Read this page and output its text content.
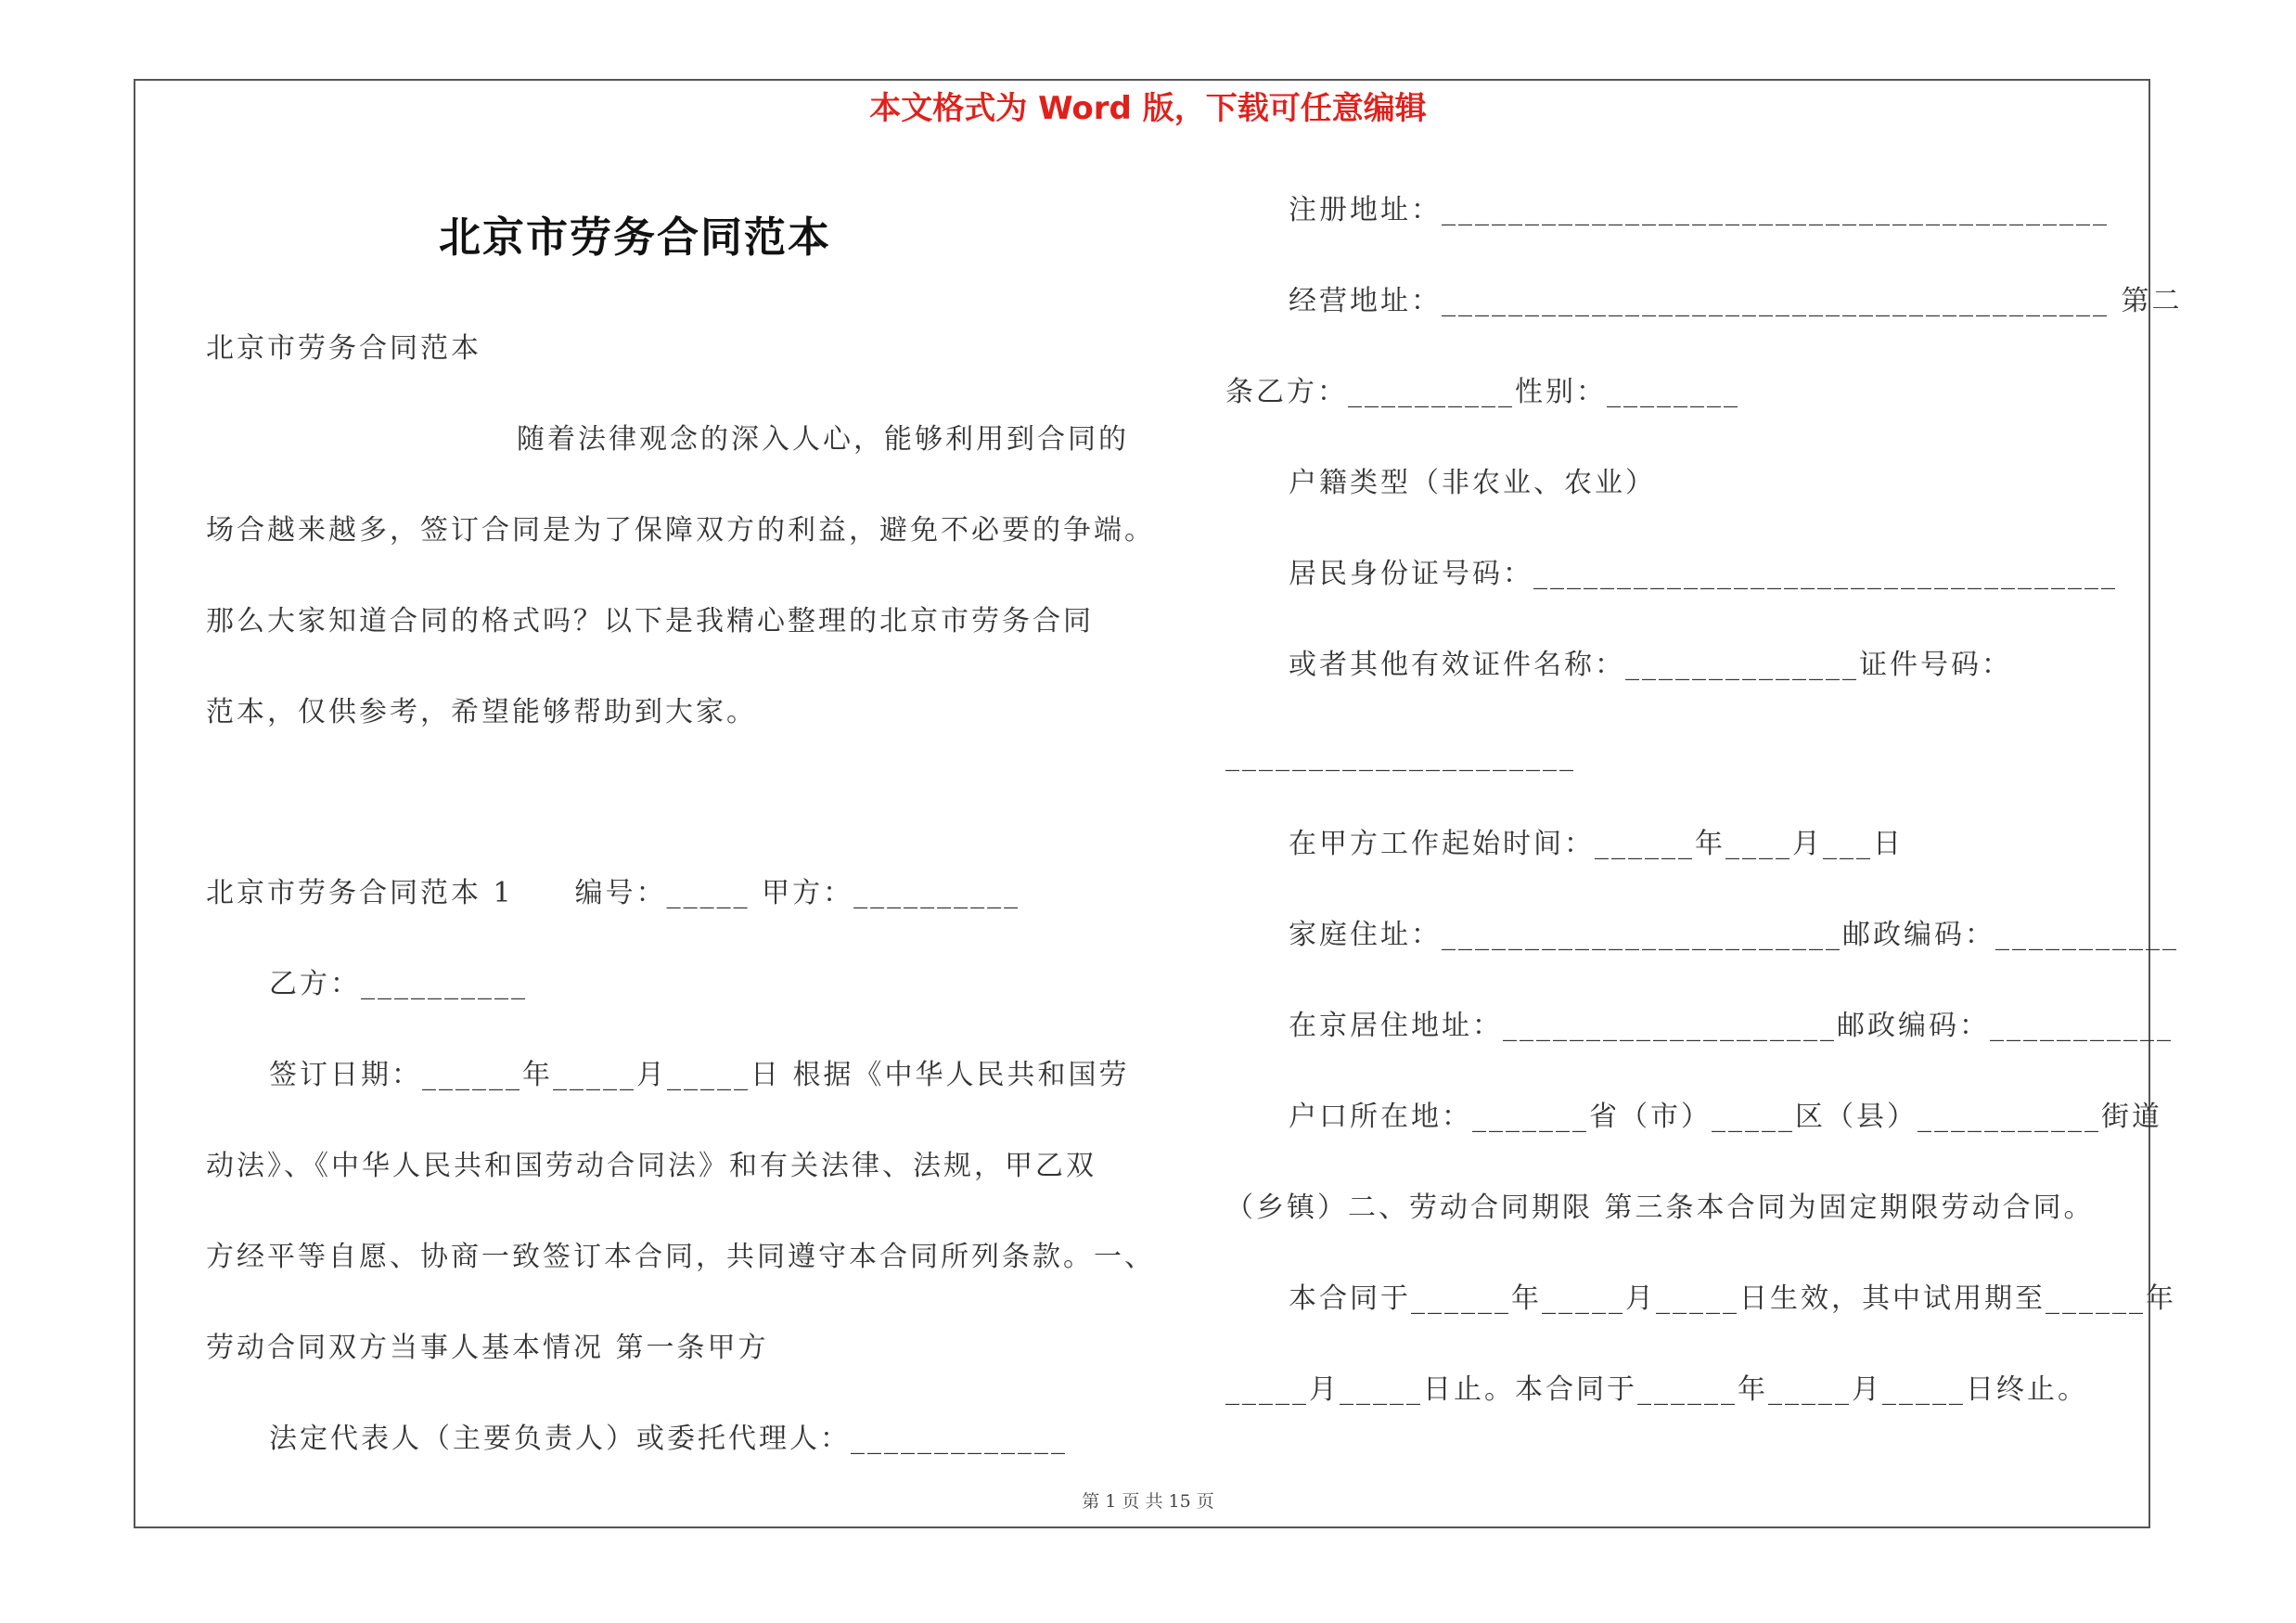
本文格式为 Word 版，下载可任意编辑
北京市劳务合同范本
北京市劳务合同范本
随着法律观念的深入人心，能够利用到合同的
场合越来越多，签订合同是为了保障双方的利益，避免不必要的争端。
那么大家知道合同的格式吗？以下是我精心整理的北京市劳务合同
范本，仅供参考，希望能够帮助到大家。
北京市劳务合同范本 1　　编号：_____ 甲方：__________
乙方：__________
签订日期：______年_____月_____日 根据《中华人民共和国劳
动法》、《中华人民共和国劳动合同法》和有关法律、法规，甲乙双
方经平等自愿、协商一致签订本合同，共同遵守本合同所列条款。一、
劳动合同双方当事人基本情况 第一条甲方
法定代表人（主要负责人）或委托代理人：_____________
注册地址：________________________________________
经营地址：________________________________________ 第二
条乙方：__________性别：________
户籍类型（非农业、农业）
居民身份证号码：___________________________________
或者其他有效证件名称：______________证件号码：
_____________________
在甲方工作起始时间：______年____月___日
家庭住址：________________________邮政编码：___________
在京居住地址：____________________邮政编码：___________
户口所在地：_______省（市）_____区（县）___________街道
（乡镇）二、劳动合同期限 第三条本合同为固定期限劳动合同。
本合同于______年_____月_____日生效，其中试用期至______年
_____月_____日止。本合同于______年_____月_____日终止。
第 1 页 共 15 页
